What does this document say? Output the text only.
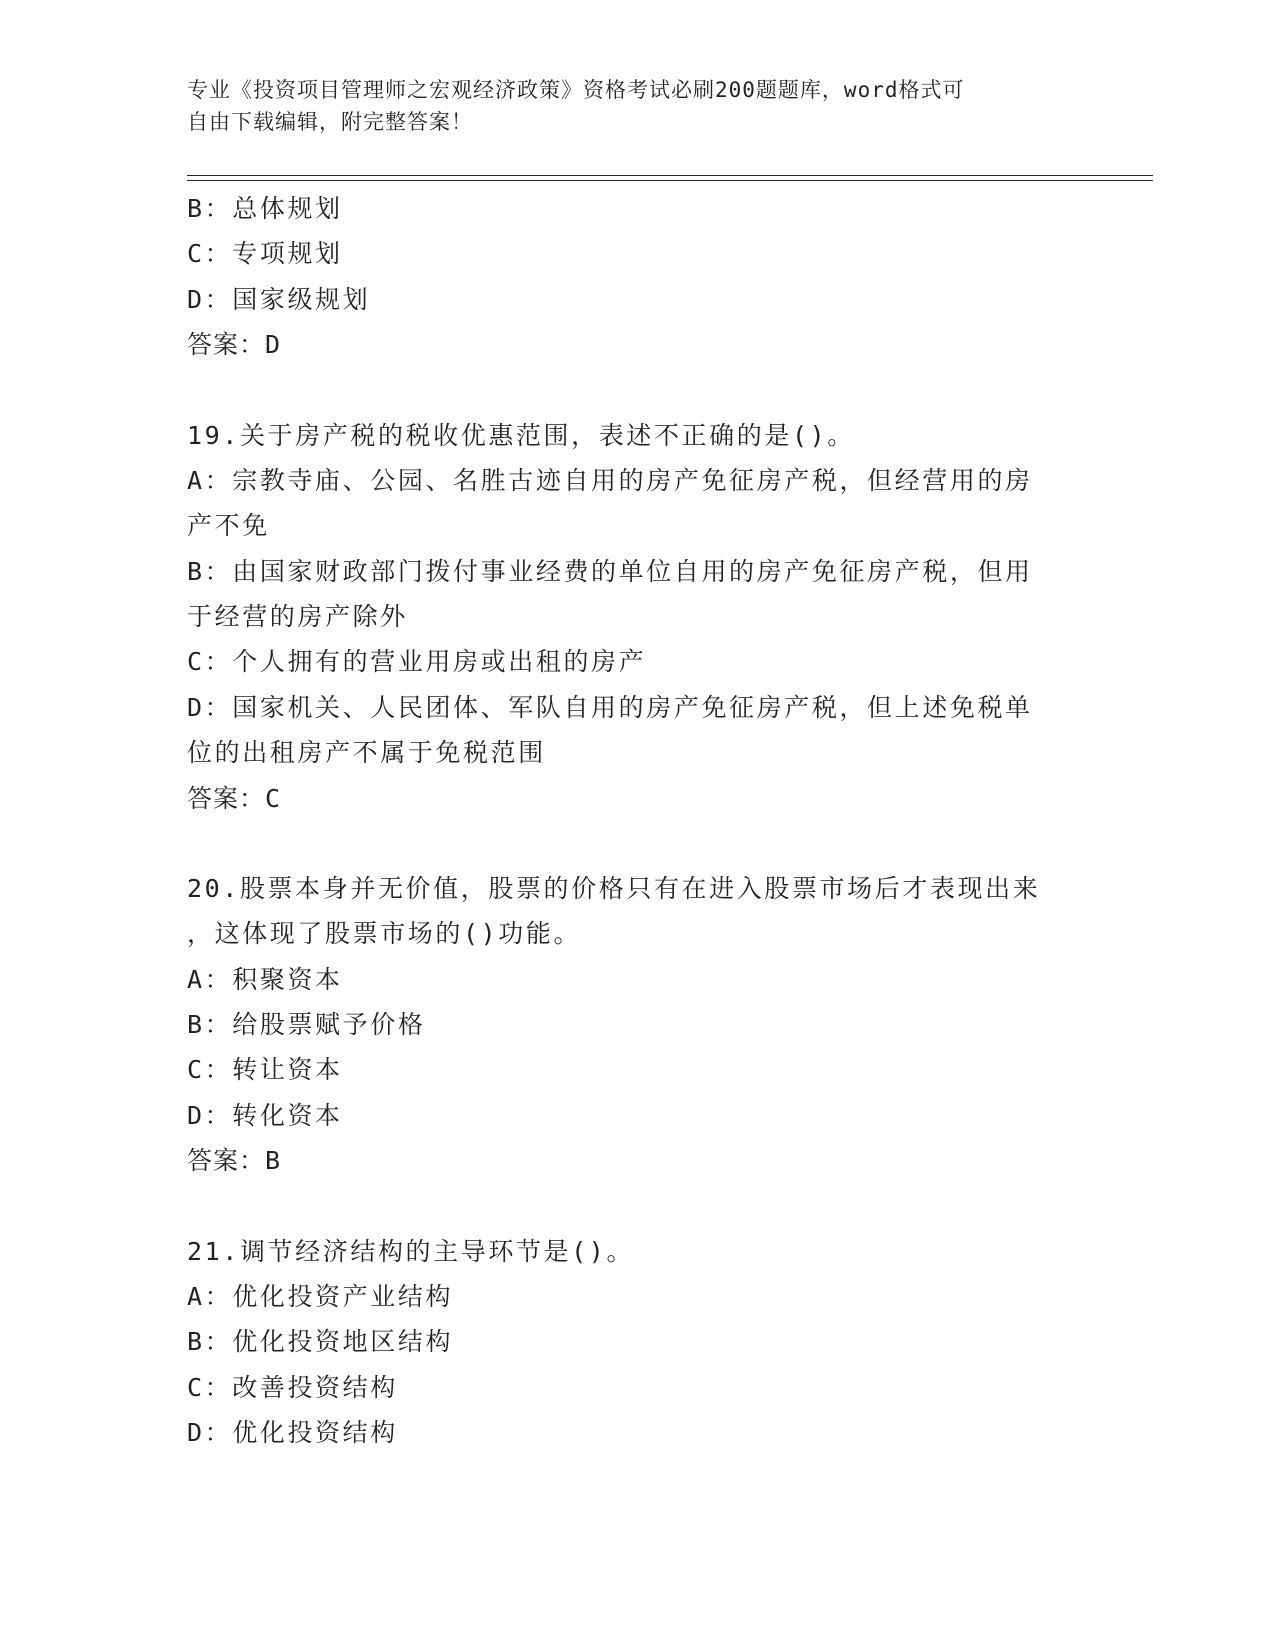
专业《投资项目管理师之宏观经济政策》资格考试必刷200题题库，word格式可
自由下载编辑，附完整答案！
B：总体规划
C：专项规划
D：国家级规划
答案：D
19.关于房产税的税收优惠范围，表述不正确的是()。
A：宗教寺庙、公园、名胜古迹自用的房产免征房产税，但经营用的房
产不免
B：由国家财政部门拨付事业经费的单位自用的房产免征房产税，但用
于经营的房产除外
C：个人拥有的营业用房或出租的房产
D：国家机关、人民团体、军队自用的房产免征房产税，但上述免税单
位的出租房产不属于免税范围
答案：C
20.股票本身并无价值，股票的价格只有在进入股票市场后才表现出来
，这体现了股票市场的()功能。
A：积聚资本
B：给股票赋予价格
C：转让资本
D：转化资本
答案：B
21.调节经济结构的主导环节是()。
A：优化投资产业结构
B：优化投资地区结构
C：改善投资结构
D：优化投资结构
